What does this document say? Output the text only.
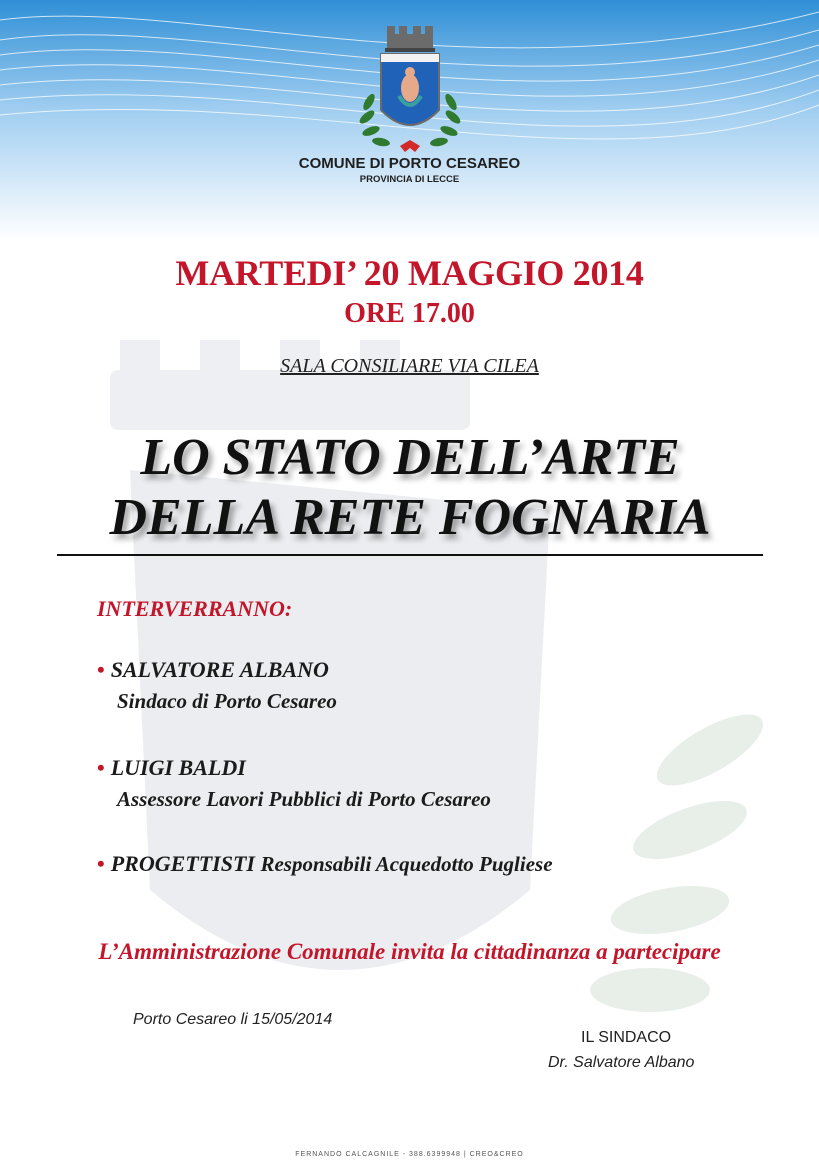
COMUNE DI PORTO CESAREO
PROVINCIA DI LECCE
MARTEDI’ 20 MAGGIO 2014
ORE 17.00
SALA CONSILIARE VIA CILEA
LO STATO DELL’ARTE
DELLA RETE FOGNARIA
INTERVERRANNO:
• SALVATORE ALBANO
Sindaco di Porto Cesareo
• LUIGI BALDI
Assessore Lavori Pubblici di Porto Cesareo
• PROGETTISTI Responsabili Acquedotto Pugliese
L’Amministrazione Comunale invita la cittadinanza a partecipare
Porto Cesareo li 15/05/2014
IL SINDACO
Dr. Salvatore Albano
FERNANDO CALCAGNILE - 388.6399948 | CREO&CREO
